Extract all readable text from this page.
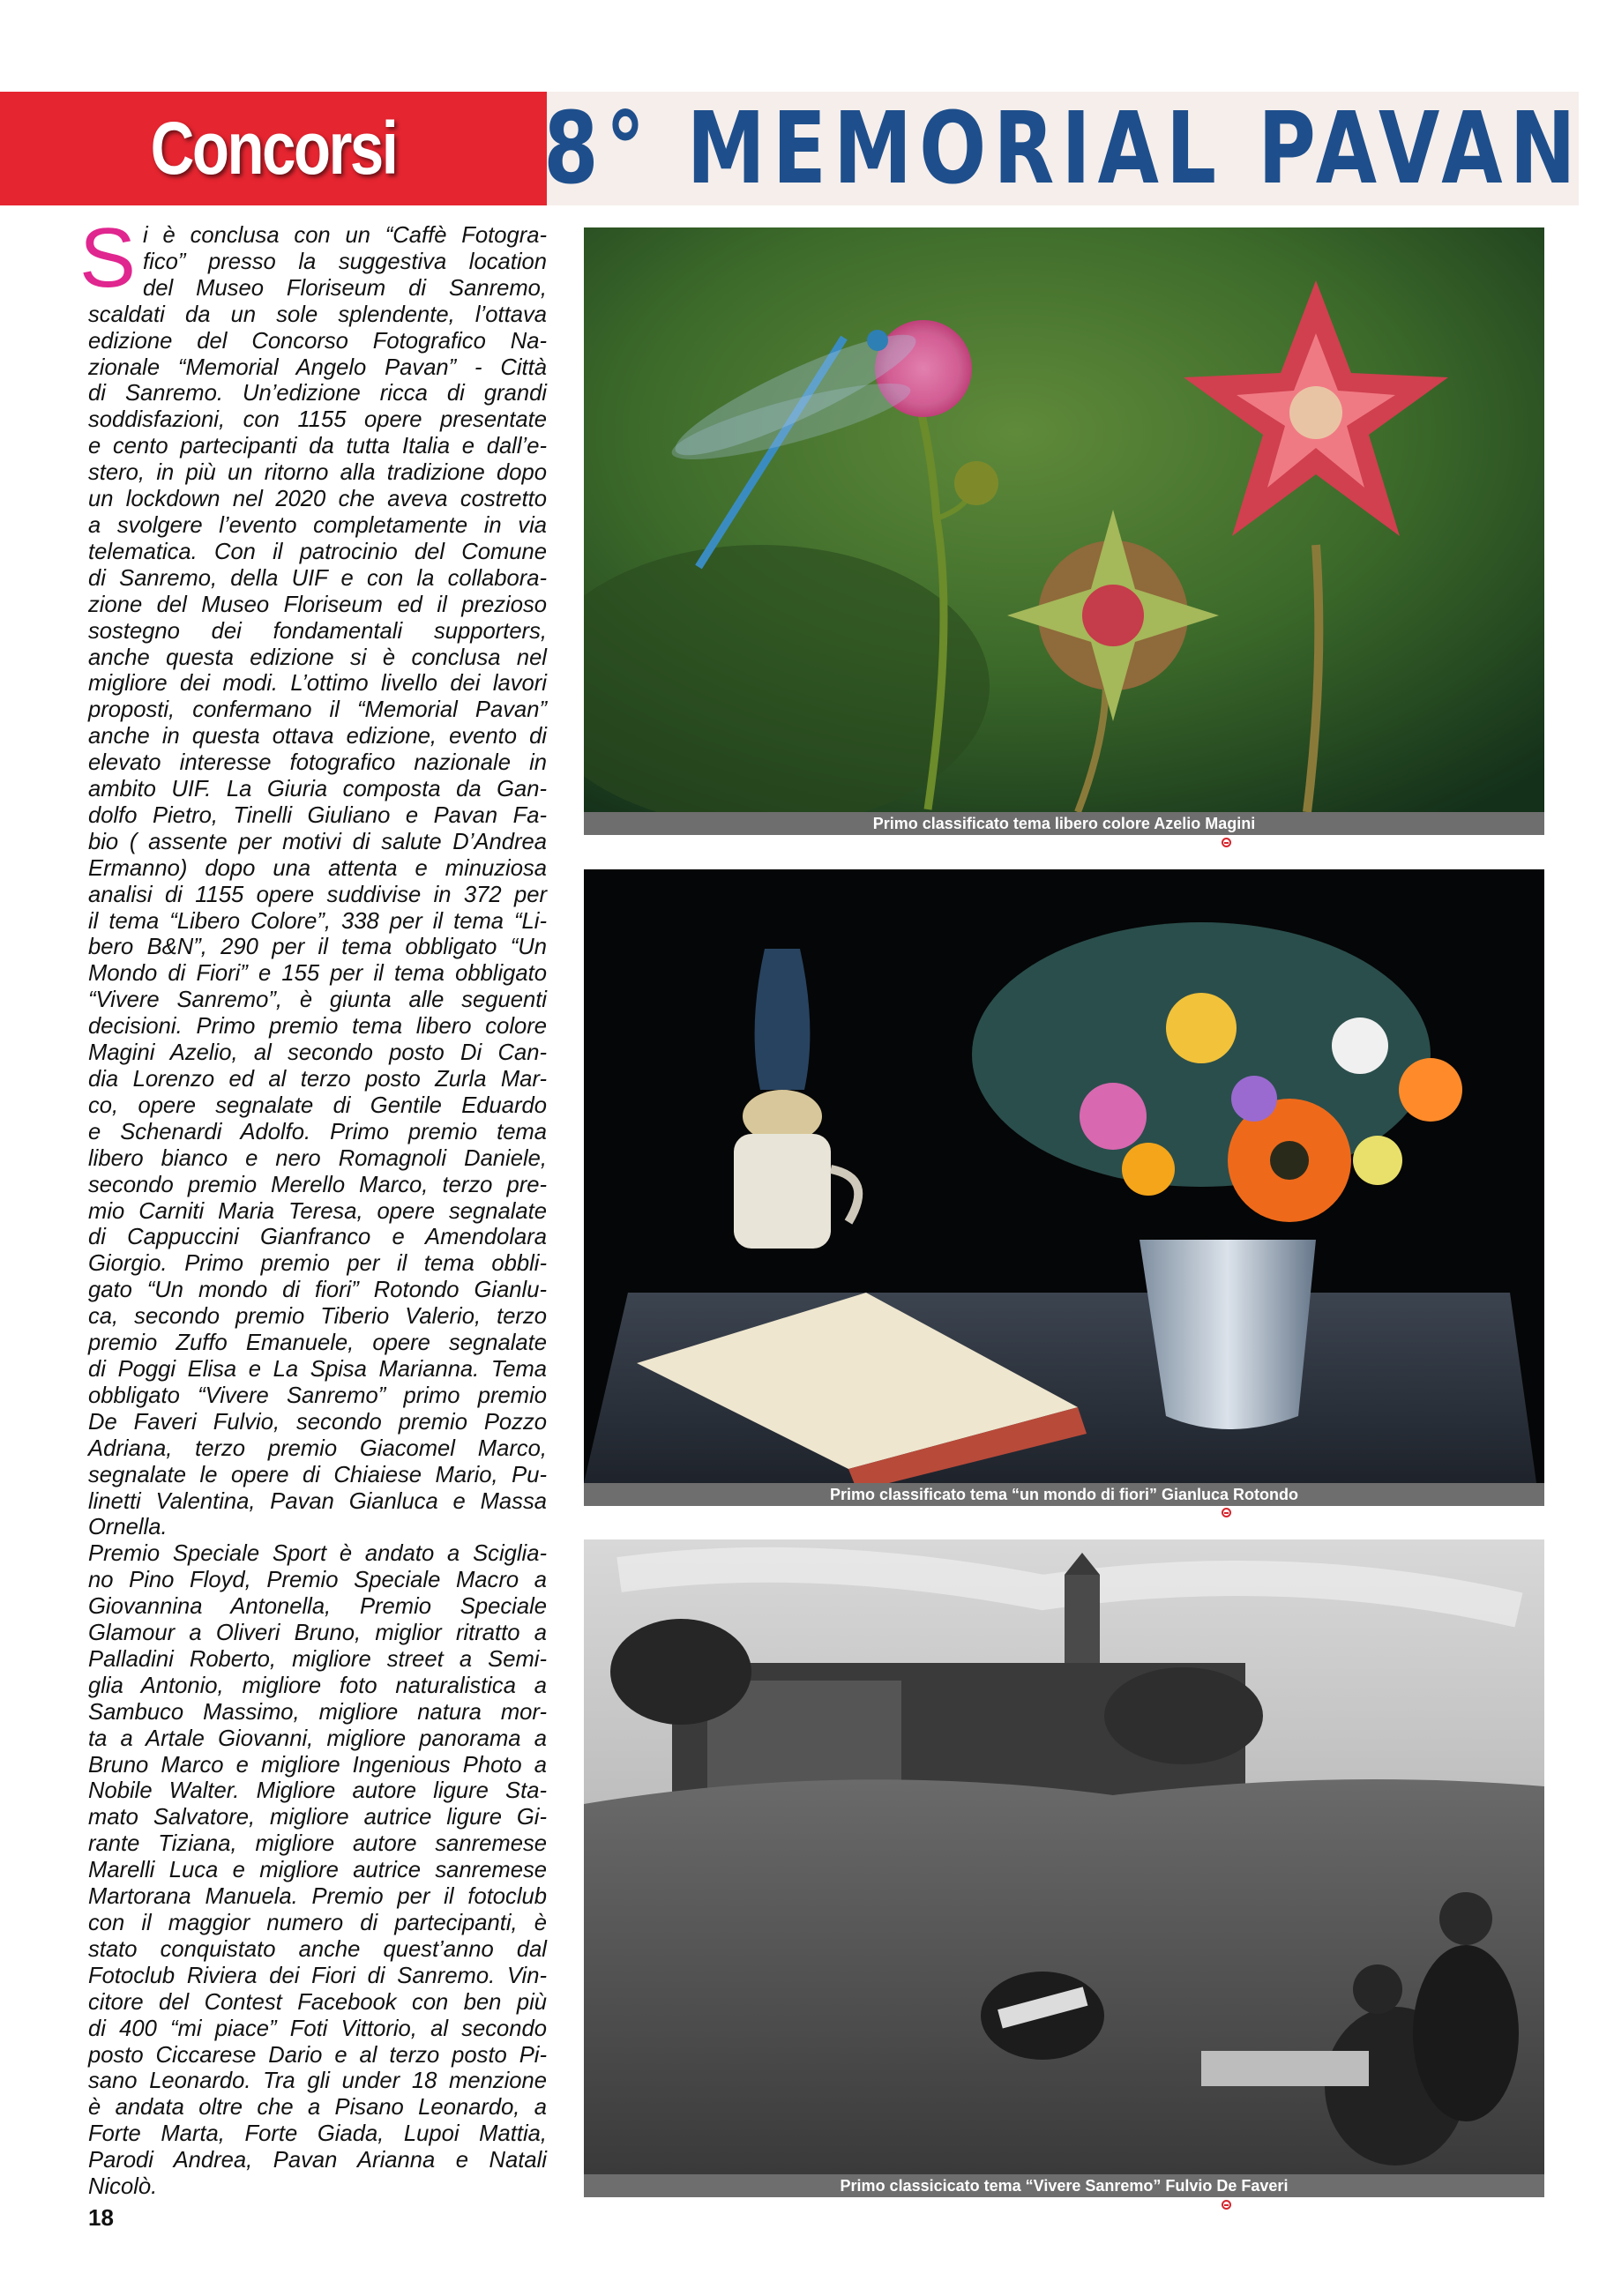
Concorsi 8° MEMORIAL PAVAN
S i è conclusa con un “Caffè Fotogra-
fico” presso la suggestiva location
del Museo Floriseum di Sanremo,
scaldati da un sole splendente, l’ottava
edizione del Concorso Fotografico Na-
zionale “Memorial Angelo Pavan” - Città
di Sanremo. Un’edizione ricca di grandi
soddisfazioni, con 1155 opere presentate
e cento partecipanti da tutta Italia e dall’e-
stero, in più un ritorno alla tradizione dopo
un lockdown nel 2020 che aveva costretto
a svolgere l’evento completamente in via
telematica. Con il patrocinio del Comune
di Sanremo, della UIF e con la collabora-
zione del Museo Floriseum ed il prezioso
sostegno dei fondamentali supporters,
anche questa edizione si è conclusa nel
migliore dei modi. L’ottimo livello dei lavori
proposti, confermano il “Memorial Pavan”
anche in questa ottava edizione, evento di
elevato interesse fotografico nazionale in
ambito UIF. La Giuria composta da Gan-
dolfo Pietro, Tinelli Giuliano e Pavan Fa-
bio ( assente per motivi di salute D’Andrea
Ermanno) dopo una attenta e minuziosa
analisi di 1155 opere suddivise in 372 per
il tema “Libero Colore”, 338 per il tema “Li-
bero B&N”, 290 per il tema obbligato “Un
Mondo di Fiori” e 155 per il tema obbligato
“Vivere Sanremo”, è giunta alle seguenti
decisioni. Primo premio tema libero colore
Magini Azelio, al secondo posto Di Can-
dia Lorenzo ed al terzo posto Zurla Mar-
co, opere segnalate di Gentile Eduardo
e Schenardi Adolfo. Primo premio tema
libero bianco e nero Romagnoli Daniele,
secondo premio Merello Marco, terzo pre-
mio Carniti Maria Teresa, opere segnalate
di Cappuccini Gianfranco e Amendolara
Giorgio. Primo premio per il tema obbli-
gato “Un mondo di fiori” Rotondo Gianlu-
ca, secondo premio Tiberio Valerio, terzo
premio Zuffo Emanuele, opere segnalate
di Poggi Elisa e La Spisa Marianna. Tema
obbligato “Vivere Sanremo” primo premio
De Faveri Fulvio, secondo premio Pozzo
Adriana, terzo premio Giacomel Marco,
segnalate le opere di Chiaiese Mario, Pu-
linetti Valentina, Pavan Gianluca e Massa
Ornella.
Premio Speciale Sport è andato a Sciglia-
no Pino Floyd, Premio Speciale Macro a
Giovannina Antonella, Premio Speciale
Glamour a Oliveri Bruno, miglior ritratto a
Palladini Roberto, migliore street a Semi-
glia Antonio, migliore foto naturalistica a
Sambuco Massimo, migliore natura mor-
ta a Artale Giovanni, migliore panorama a
Bruno Marco e migliore Ingenious Photo a
Nobile Walter. Migliore autore ligure Sta-
mato Salvatore, migliore autrice ligure Gi-
rante Tiziana, migliore autore sanremese
Marelli Luca e migliore autrice sanremese
Martorana Manuela. Premio per il fotoclub
con il maggior numero di partecipanti, è
stato conquistato anche quest’anno dal
Fotoclub Riviera dei Fiori di Sanremo. Vin-
citore del Contest Facebook con ben più
di 400 “mi piace” Foti Vittorio, al secondo
posto Ciccarese Dario e al terzo posto Pi-
sano Leonardo. Tra gli under 18 menzione
è andata oltre che a Pisano Leonardo, a
Forte Marta, Forte Giada, Lupoi Mattia,
Parodi Andrea, Pavan Arianna e Natali
Nicolò.
Primo classificato tema libero colore Azelio Magini
Primo classificato tema “un mondo di fiori” Gianluca Rotondo
Primo classicicato tema “Vivere Sanremo” Fulvio De Faveri
18
